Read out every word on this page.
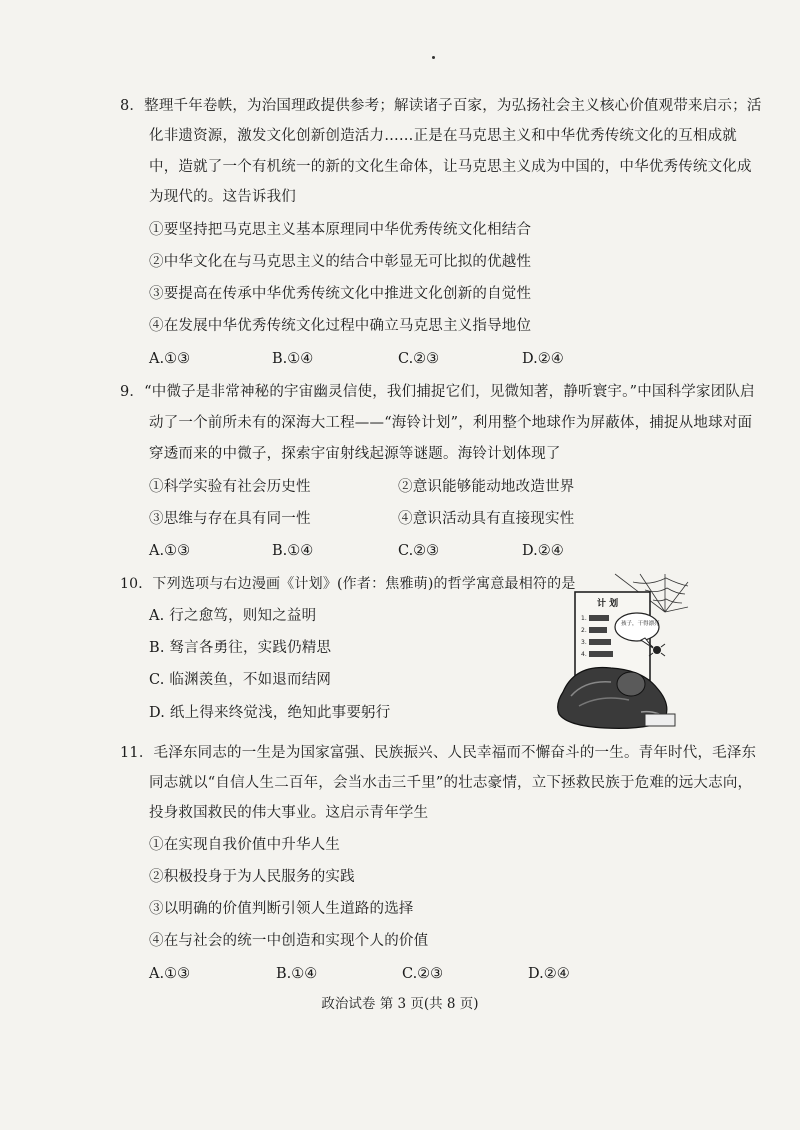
8．整理千年卷帙，为治国理政提供参考；解读诸子百家，为弘扬社会主义核心价值观带来启示；活
化非遗资源，激发文化创新创造活力……正是在马克思主义和中华优秀传统文化的互相成就
中，造就了一个有机统一的新的文化生命体，让马克思主义成为中国的，中华优秀传统文化成
为现代的。这告诉我们
①要坚持把马克思主义基本原理同中华优秀传统文化相结合
②中华文化在与马克思主义的结合中彰显无可比拟的优越性
③要提高在传承中华优秀传统文化中推进文化创新的自觉性
④在发展中华优秀传统文化过程中确立马克思主义指导地位
A.①③	B.①④	C.②③	D.②④
9．“中微子是非常神秘的宇宙幽灵信使，我们捕捉它们，见微知著，静听寰宇。”中国科学家团队启
动了一个前所未有的深海大工程——“海铃计划”，利用整个地球作为屏蔽体，捕捉从地球对面
穿透而来的中微子，探索宇宙射线起源等谜题。海铃计划体现了
①科学实验有社会历史性	②意识能够能动地改造世界
③思维与存在具有同一性	④意识活动具有直接现实性
A.①③	B.①④	C.②③	D.②④
10．下列选项与右边漫画《计划》(作者：焦雅萌)的哲学寓意最相符的是
A. 行之愈笃，则知之益明
B. 驽言各勇往，实践仍精思
C. 临渊羡鱼，不如退而结网
D. 纸上得来终觉浅，绝知此事要躬行
计 划
1.
2.
3.
4.
孩子，干得漂亮
11．毛泽东同志的一生是为国家富强、民族振兴、人民幸福而不懈奋斗的一生。青年时代，毛泽东
同志就以“自信人生二百年，会当水击三千里”的壮志豪情，立下拯救民族于危难的远大志向，
投身救国救民的伟大事业。这启示青年学生
①在实现自我价值中升华人生
②积极投身于为人民服务的实践
③以明确的价值判断引领人生道路的选择
④在与社会的统一中创造和实现个人的价值
A.①③	B.①④	C.②③	D.②④
政治试卷 第 3 页(共 8 页)
